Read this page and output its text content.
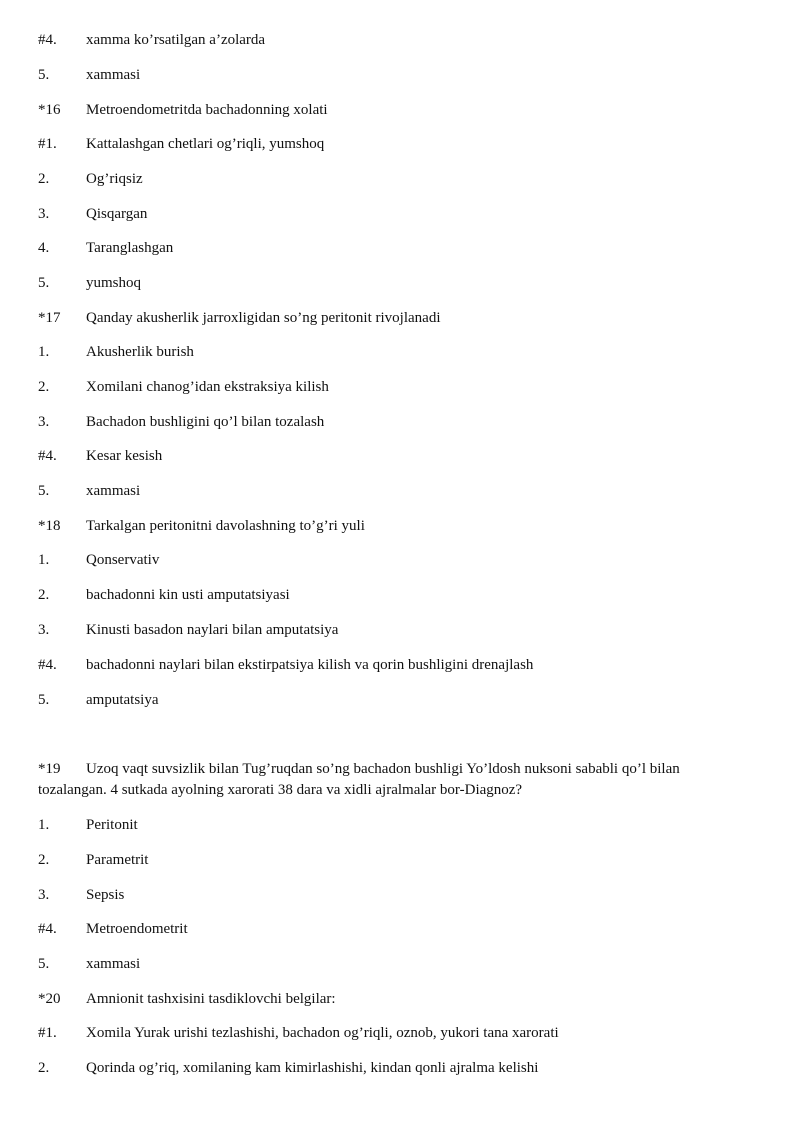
#4. xamma ko’rsatilgan a’zolarda
5. xammasi
*16 Metroendometritda bachadonning xolati
#1. Kattalashgan chetlari og’riqli, yumshoq
2. Og’riqsiz
3. Qisqargan
4. Taranglashgan
5. yumshoq
*17 Qanday akusherlik jarroxligidan so’ng peritonit rivojlanadi
1. Akusherlik burish
2. Xomilani chanog’idan ekstraksiya kilish
3. Bachadon bushligini qo’l bilan tozalash
#4. Kesar kesish
5. xammasi
*18 Tarkalgan peritonitni davolashning to’g’ri yuli
1. Qonservativ
2. bachadonni kin usti amputatsiyasi
3. Kinusti basadon naylari bilan amputatsiya
#4. bachadonni naylari bilan ekstirpatsiya kilish va qorin bushligini drenajlash
5. amputatsiya
*19 Uzoq vaqt suvsizlik bilan Tug’ruqdan so’ng bachadon bushligi Yo’ldosh nuksoni sababli qo’l bilan tozalangan. 4 sutkada ayolning xarorati 38 dara va xidli ajralmalar bor-Diagnoz?
1. Peritonit
2. Parametrit
3. Sepsis
#4. Metroendometrit
5. xammasi
*20 Amnionit tashxisini tasdiklovchi belgilar:
#1. Xomila Yurak urishi tezlashishi, bachadon og’riqli, oznob, yukori tana xarorati
2. Qorinda og’riq, xomilaning kam kimirlashishi, kindan qonli ajralma kelishi
